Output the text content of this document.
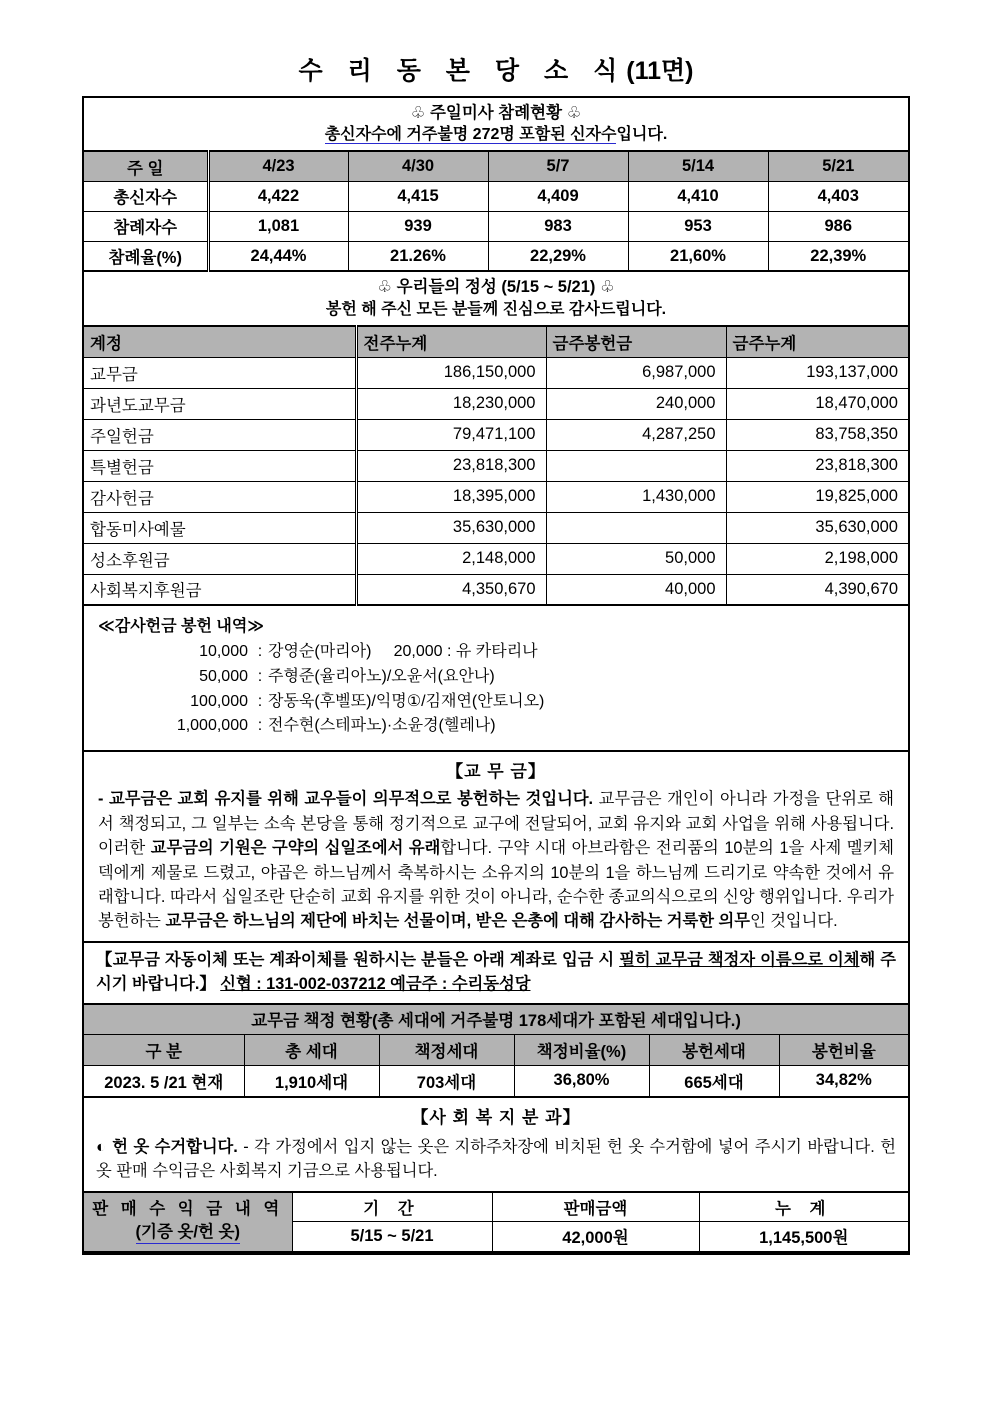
수 리 동 본 당 소 식(11면)
♧ 주일미사 참례현황 ♧
총신자수에 거주불명 272명 포함된 신자수입니다.
주 일	4/23	4/30	5/7	5/14	5/21
총신자수	4,422	4,415	4,409	4,410	4,403
참례자수	1,081	939	983	953	986
참례율(%)	24,44%	21.26%	22,29%	21,60%	22,39%
♧ 우리들의 정성 (5/15 ~ 5/21) ♧
봉헌 해 주신 모든 분들께 진심으로 감사드립니다.
계정	전주누계	금주봉헌금	금주누계

교무금	186,150,000	6,987,000	193,137,000
과년도교무금	18,230,000	240,000	18,470,000
주일헌금	79,471,100	4,287,250	83,758,350
특별헌금	23,818,300		23,818,300
감사헌금	18,395,000	1,430,000	19,825,000
합동미사예물	35,630,000		35,630,000
성소후원금	2,148,000	50,000	2,198,000
사회복지후원금	4,350,670	40,000	4,390,670
≪감사헌금 봉헌 내역≫
10,000 : 강영순(마리아)     20,000 : 유 카타리나
50,000 : 주형준(율리아노)/오윤서(요안나)
100,000 : 장동욱(후벨또)/익명①/김재연(안토니오)
1,000,000 : 전수현(스테파노)·소윤경(헬레나)
【교 무 금】
- 교무금은 교회 유지를 위해 교우들이 의무적으로 봉헌하는 것입니다. 교무금은 개인이 아니라 가정을 단위로 해서 책정되고, 그 일부는 소속 본당을 통해 정기적으로 교구에 전달되어, 교회 유지와 교회 사업을 위해 사용됩니다. 이러한 교무금의 기원은 구약의 십일조에서 유래합니다. 구약 시대 아브라함은 전리품의 10분의 1을 사제 멜키체덱에게 제물로 드렸고, 야곱은 하느님께서 축복하시는 소유지의 10분의 1을 하느님께 드리기로 약속한 것에서 유래합니다. 따라서 십일조란 단순히 교회 유지를 위한 것이 아니라, 순수한 종교의식으로의 신앙 행위입니다. 우리가 봉헌하는 교무금은 하느님의 제단에 바치는 선물이며, 받은 은총에 대해 감사하는 거룩한 의무인 것입니다.
【교무금 자동이체 또는 계좌이체를 원하시는 분들은 아래 계좌로 입금 시 필히 교무금 책정자 이름으로 이체해 주시기 바랍니다.】 신협 : 131-002-037212 예금주 : 수리동성당
교무금 책정 현황(총 세대에 거주불명 178세대가 포함된 세대입니다.)					
구 분	총 세대	책정세대	책정비율(%)	봉헌세대	봉헌비율
2023. 5 /21 현재	1,910세대	703세대	36,80%	665세대	34,82%
【사 회 복 지 분 과】
◐ 헌 옷 수거합니다. - 각 가정에서 입지 않는 옷은 지하주차장에 비치된 헌 옷 수거함에 넣어 주시기 바랍니다. 헌 옷 판매 수익금은 사회복지 기금으로 사용됩니다.
판 매 수 익 금 내 역
(기증 옷/헌 옷)	기 간	판매금액	누 계
	5/15 ~ 5/21	42,000원	1,145,500원
